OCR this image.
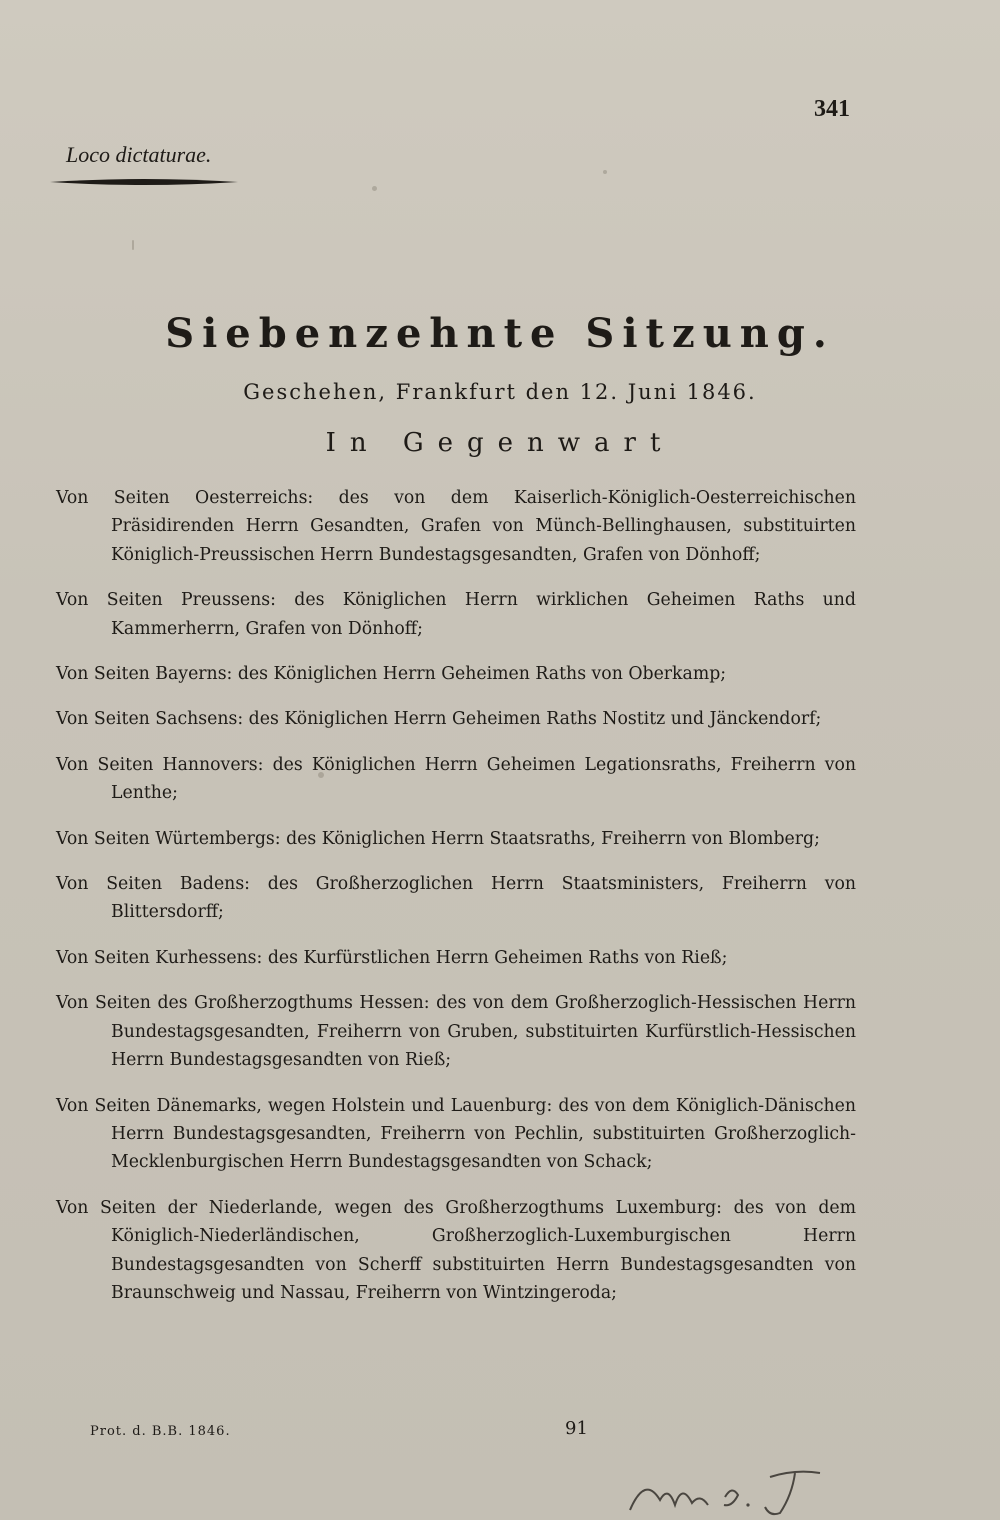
341
Loco dictaturae.
Siebenzehnte Sitzung.
Geschehen, Frankfurt den 12. Juni 1846.
In Gegenwart

Von Seiten Oesterreichs: des von dem Kaiserlich-Königlich-Oesterreichischen Präsidirenden Herrn Gesandten, Grafen von Münch-Bellinghausen, substituirten Königlich-Preussischen Herrn Bundestagsgesandten, Grafen von Dönhoff;

Von Seiten Preussens: des Königlichen Herrn wirklichen Geheimen Raths und Kammerherrn, Grafen von Dönhoff;

Von Seiten Bayerns: des Königlichen Herrn Geheimen Raths von Oberkamp;

Von Seiten Sachsens: des Königlichen Herrn Geheimen Raths Nostitz und Jänckendorf;

Von Seiten Hannovers: des Königlichen Herrn Geheimen Legationsraths, Freiherrn von Lenthe;

Von Seiten Würtembergs: des Königlichen Herrn Staatsraths, Freiherrn von Blomberg;

Von Seiten Badens: des Großherzoglichen Herrn Staatsministers, Freiherrn von Blittersdorff;

Von Seiten Kurhessens: des Kurfürstlichen Herrn Geheimen Raths von Rieß;

Von Seiten des Großherzogthums Hessen: des von dem Großherzoglich-Hessischen Herrn Bundestagsgesandten, Freiherrn von Gruben, substituirten Kurfürstlich-Hessischen Herrn Bundestagsgesandten von Rieß;

Von Seiten Dänemarks, wegen Holstein und Lauenburg: des von dem Königlich-Dänischen Herrn Bundestagsgesandten, Freiherrn von Pechlin, substituirten Großherzoglich-Mecklenburgischen Herrn Bundestagsgesandten von Schack;

Von Seiten der Niederlande, wegen des Großherzogthums Luxemburg: des von dem Königlich-Niederländischen, Großherzoglich-Luxemburgischen Herrn Bundestagsgesandten von Scherff substituirten Herrn Bundestagsgesandten von Braunschweig und Nassau, Freiherrn von Wintzingeroda;

Prot. d. B.B. 1846.	91
